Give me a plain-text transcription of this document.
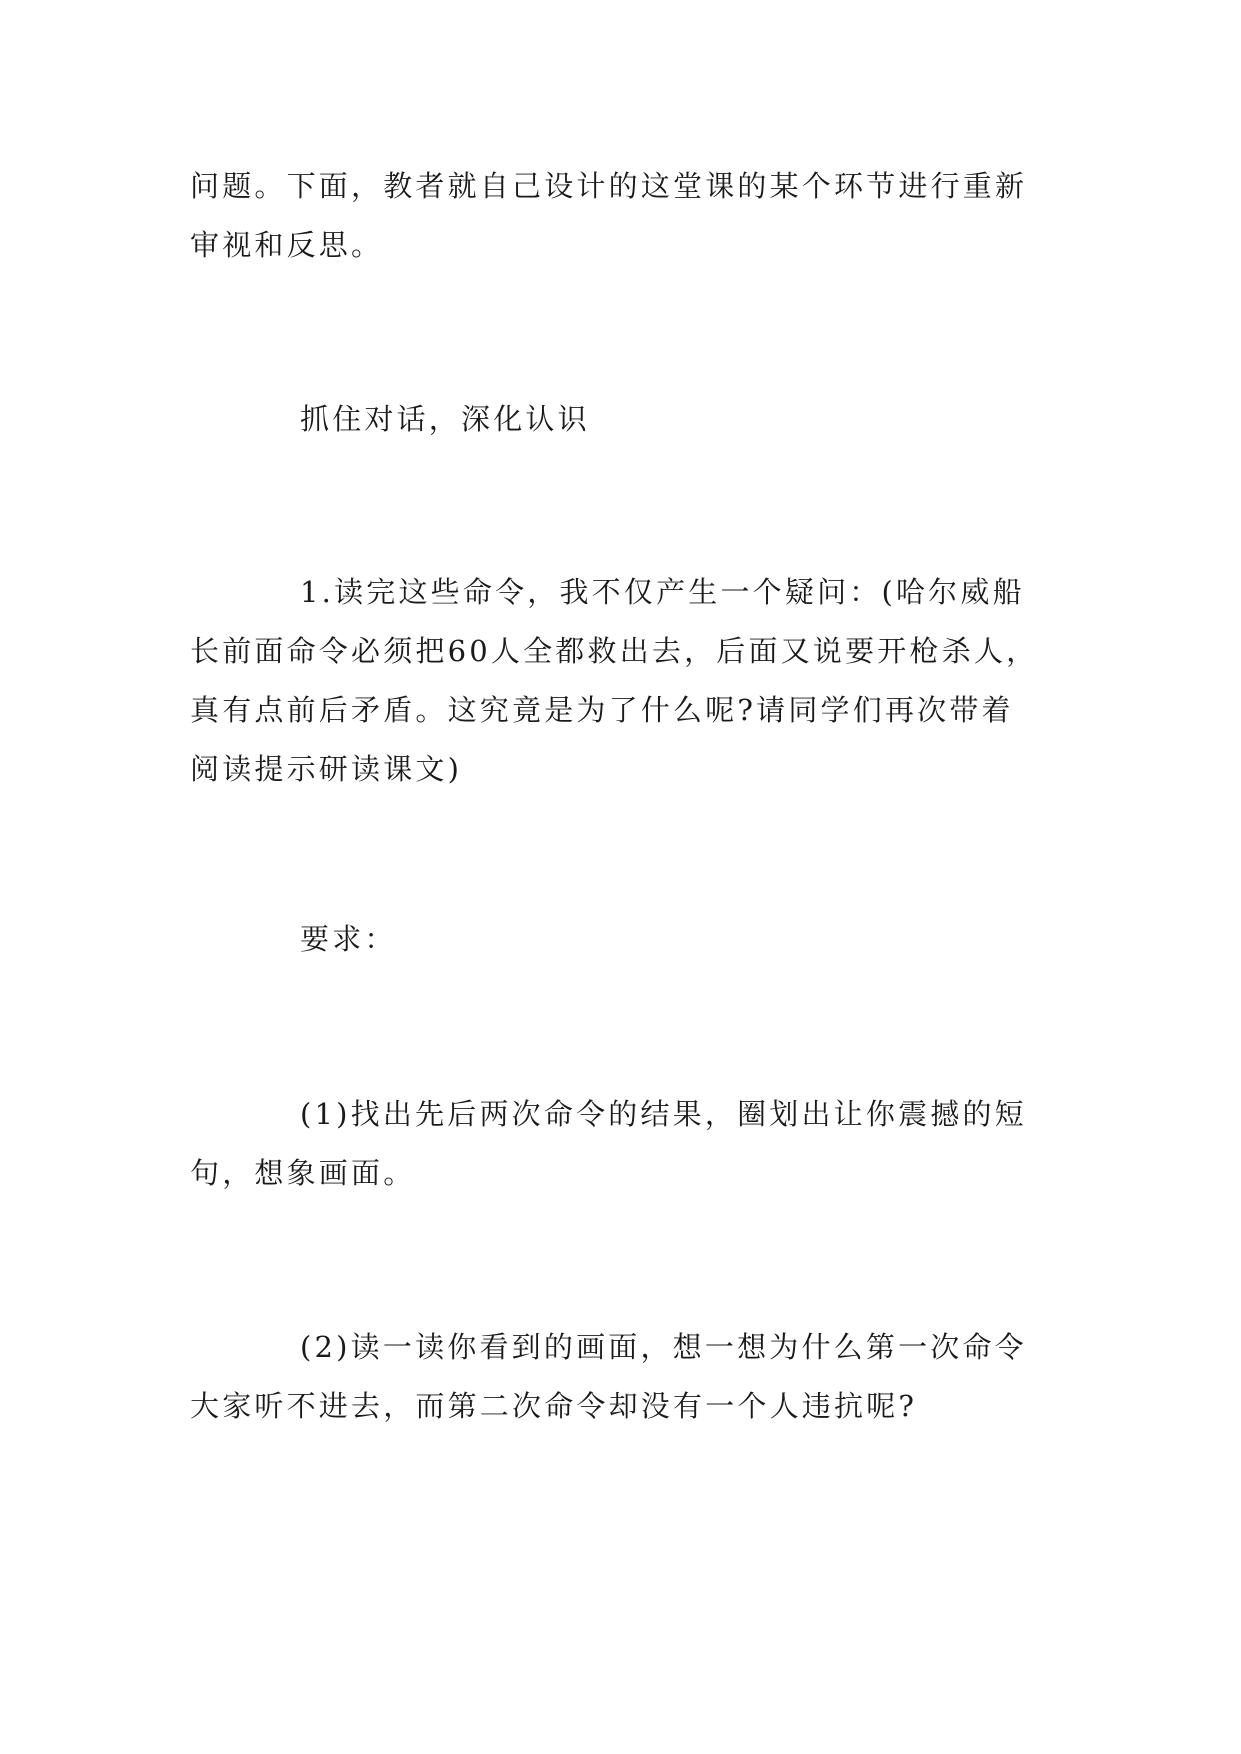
问题。下面，教者就自己设计的这堂课的某个环节进行重新
审视和反思。

抓住对话，深化认识

1.读完这些命令，我不仅产生一个疑问：(哈尔威船
长前面命令必须把60人全都救出去，后面又说要开枪杀人，
真有点前后矛盾。这究竟是为了什么呢?请同学们再次带着
阅读提示研读课文)

要求：

(1)找出先后两次命令的结果，圈划出让你震撼的短
句，想象画面。

(2)读一读你看到的画面，想一想为什么第一次命令
大家听不进去，而第二次命令却没有一个人违抗呢?
